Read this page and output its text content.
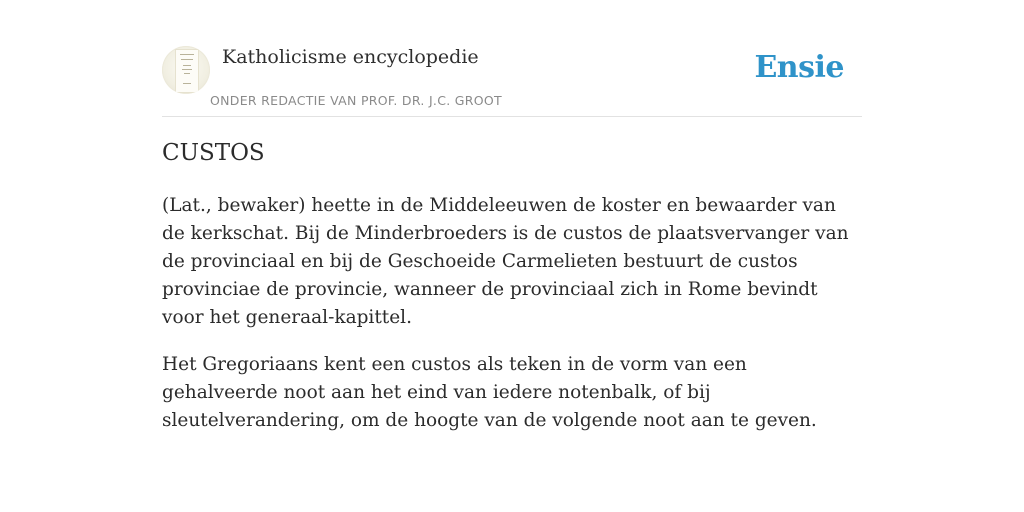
Katholicisme encyclopedie
ONDER REDACTIE VAN PROF. DR. J.C. GROOT
Ensie
CUSTOS

(Lat., bewaker) heette in de Middeleeuwen de koster en bewaarder van de kerkschat. Bij de Minderbroeders is de custos de plaatsvervanger van de provinciaal en bij de Geschoeide Carmelieten bestuurt de custos provinciae de provincie, wanneer de provinciaal zich in Rome bevindt voor het generaal-kapittel.

Het Gregoriaans kent een custos als teken in de vorm van een gehalveerde noot aan het eind van iedere notenbalk, of bij sleutelverandering, om de hoogte van de volgende noot aan te geven.
